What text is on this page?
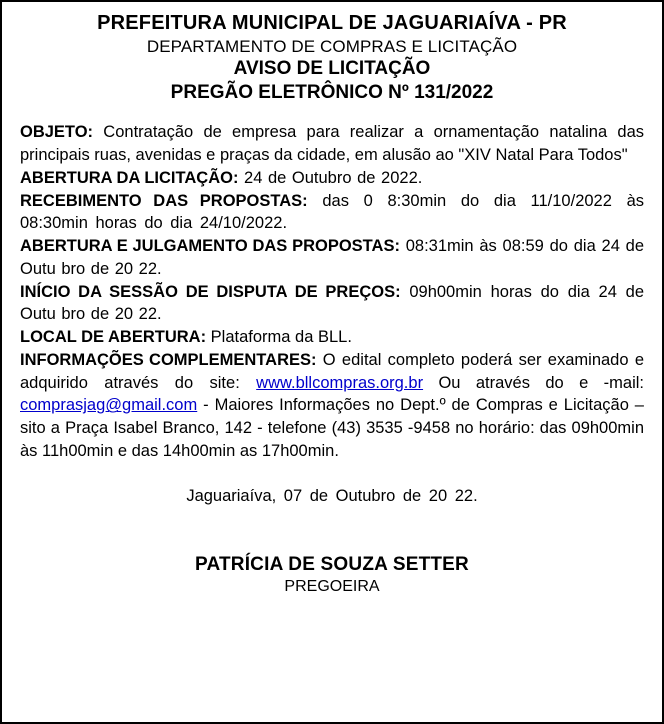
PREFEITURA MUNICIPAL DE JAGUARIAÍVA - PR
DEPARTAMENTO DE COMPRAS E LICITAÇÃO
AVISO DE LICITAÇÃO
PREGÃO ELETRÔNICO Nº 131/2022

OBJETO: Contratação de empresa para realizar a ornamentação natalina das principais ruas, avenidas e praças da cidade, em alusão ao "XIV Natal Para Todos"

ABERTURA DA LICITAÇÃO: 24 de Outubro de 2022.

RECEBIMENTO DAS PROPOSTAS: das 0 8:30min do dia 11/10/2022 às 08:30min horas do dia 24/10/2022.

ABERTURA E JULGAMENTO DAS PROPOSTAS: 08:31min às 08:59 do dia 24 de Outu bro de 20 22.

INÍCIO DA SESSÃO DE DISPUTA DE PREÇOS: 09h00min horas do dia 24 de Outu bro de 20 22.

LOCAL DE ABERTURA: Plataforma da BLL.

INFORMAÇÕES COMPLEMENTARES: O edital completo poderá ser examinado e adquirido através do site: www.bllcompras.org.br Ou através do e -mail: comprasjag@gmail.com - Maiores Informações no Dept.º de Compras e Licitação – sito a Praça Isabel Branco, 142 - telefone (43) 3535 -9458 no horário: das 09h00min às 11h00min e das 14h00min as 17h00min.

Jaguariaíva, 07 de Outubro de 20 22.
PATRÍCIA DE SOUZA SETTER
PREGOEIRA
